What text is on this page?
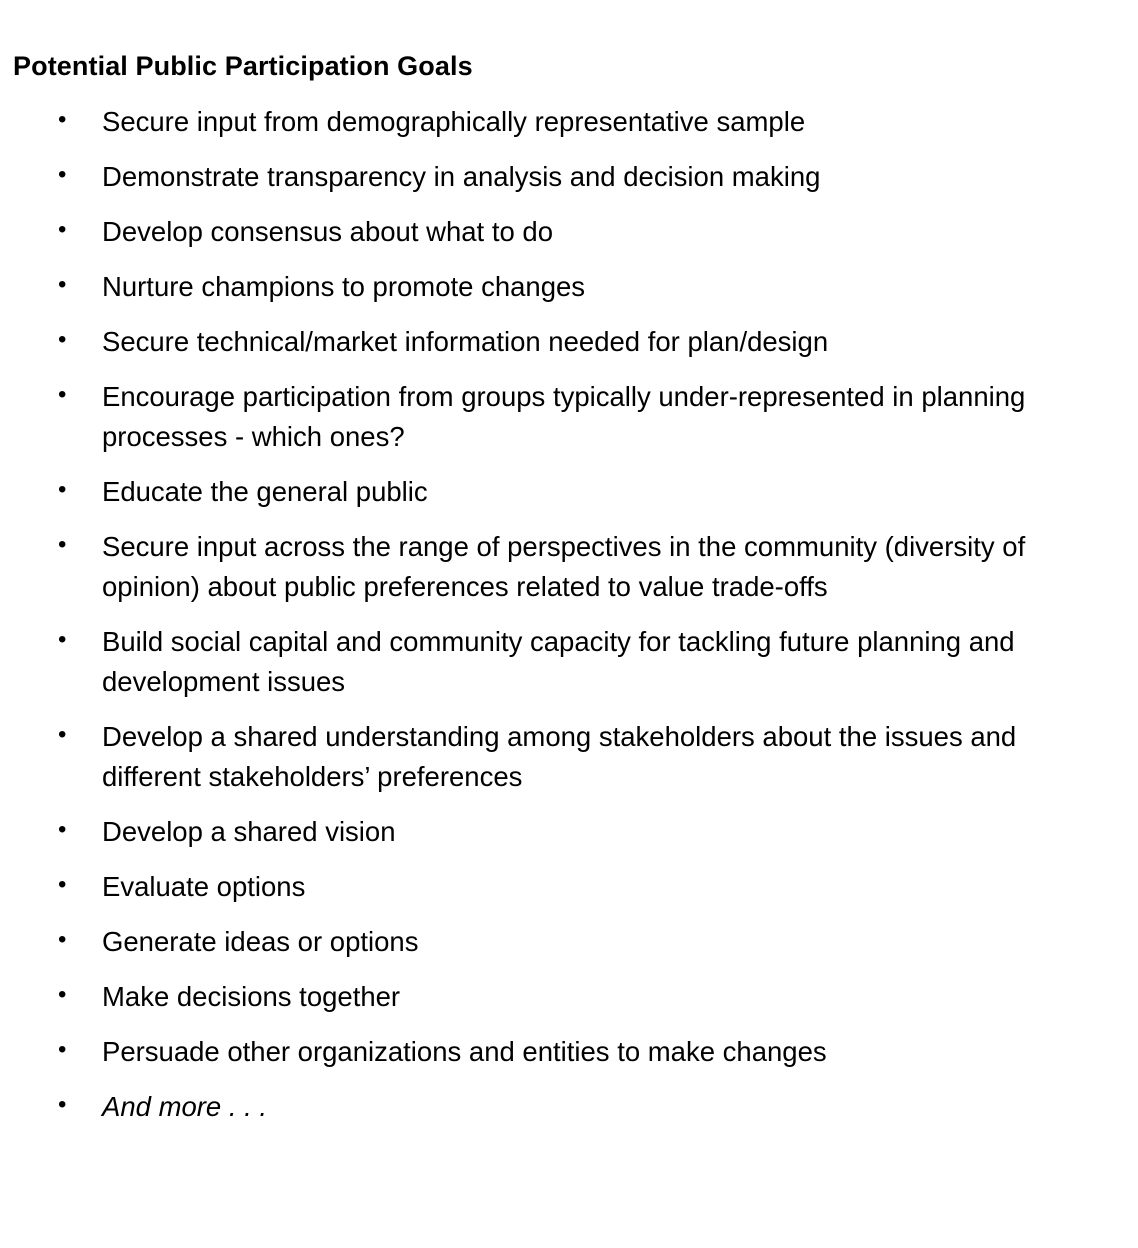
Potential Public Participation Goals
• Secure input from demographically representative sample
• Demonstrate transparency in analysis and decision making
• Develop consensus about what to do
• Nurture champions to promote changes
• Secure technical/market information needed for plan/design
• Encourage participation from groups typically under-represented in planning processes - which ones?
• Educate the general public
• Secure input across the range of perspectives in the community (diversity of opinion) about public preferences related to value trade-offs
• Build social capital and community capacity for tackling future planning and development issues
• Develop a shared understanding among stakeholders about the issues and different stakeholders’ preferences
• Develop a shared vision
• Evaluate options
• Generate ideas or options
• Make decisions together
• Persuade other organizations and entities to make changes
• And more . . .
